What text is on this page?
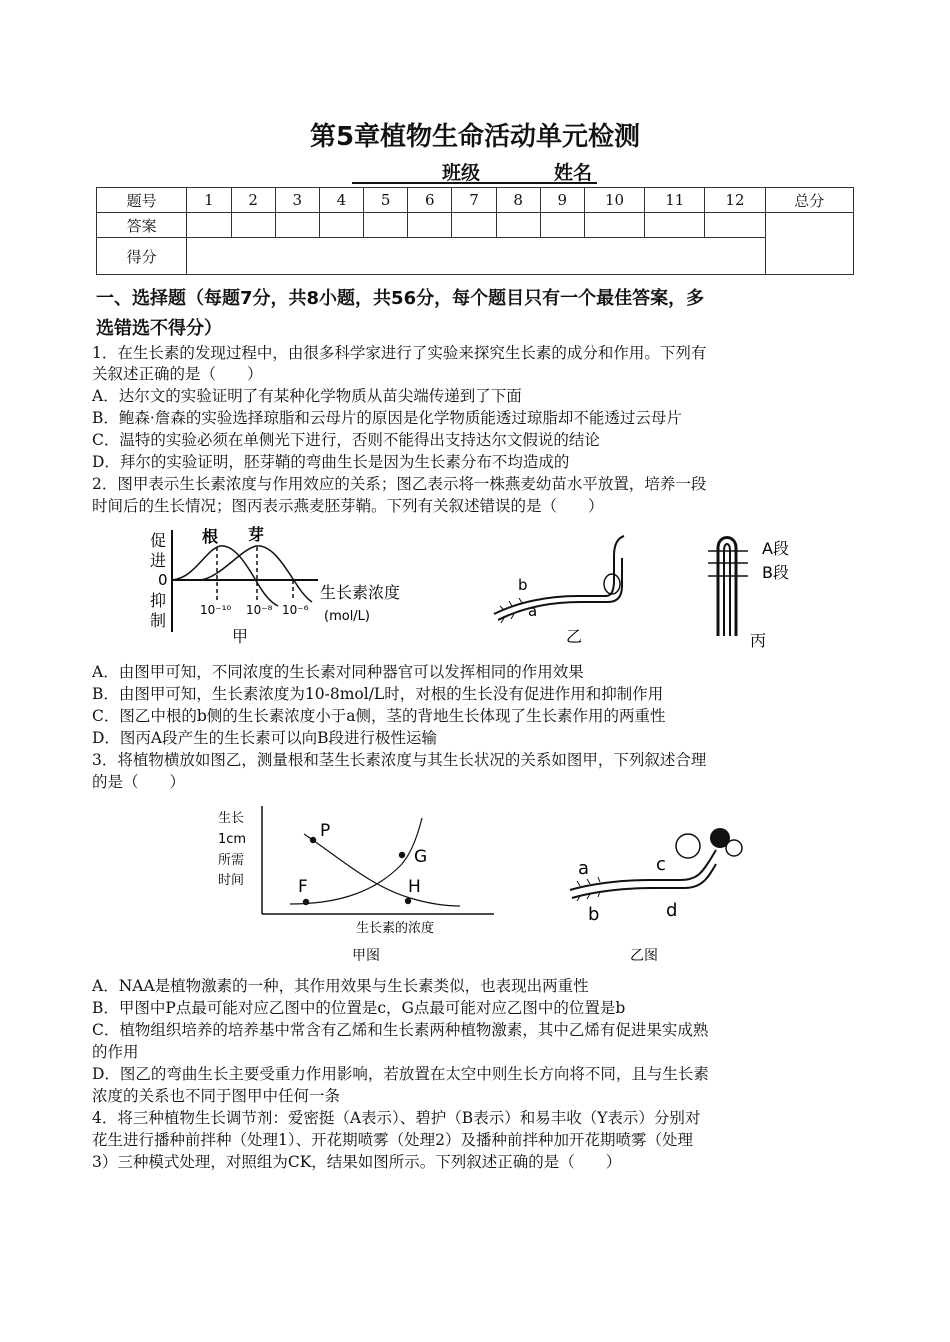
第5章植物生命活动单元检测
班级	姓名
题号	1	2	3	4	5	6	7	8	9	10	11	12	总分
答案													
得分													
一、选择题（每题7分，共8小题，共56分，每个题目只有一个最佳答案，多
选错选不得分）
1．在生长素的发现过程中，由很多科学家进行了实验来探究生长素的成分和作用。下列有
关叙述正确的是（　　）
A．达尔文的实验证明了有某种化学物质从苗尖端传递到了下面
B．鲍森·詹森的实验选择琼脂和云母片的原因是化学物质能透过琼脂却不能透过云母片
C．温特的实验必须在单侧光下进行，否则不能得出支持达尔文假说的结论
D．拜尔的实验证明，胚芽鞘的弯曲生长是因为生长素分布不均造成的
2．图甲表示生长素浓度与作用效应的关系；图乙表示将一株燕麦幼苗水平放置，培养一段
时间后的生长情况；图丙表示燕麦胚芽鞘。下列有关叙述错误的是（　　）
根 芽
促
进
0
抑
制
10⁻¹⁰ 10⁻⁸ 10⁻⁶
生长素浓度
(mol/L)
甲
b
a
乙
A段
B段
丙
A．由图甲可知，不同浓度的生长素对同种器官可以发挥相同的作用效果
B．由图甲可知，生长素浓度为10-8mol/L时，对根的生长没有促进作用和抑制作用
C．图乙中根的b侧的生长素浓度小于a侧，茎的背地生长体现了生长素作用的两重性
D．图丙A段产生的生长素可以向B段进行极性运输
3．将植物横放如图乙，测量根和茎生长素浓度与其生长状况的关系如图甲，下列叙述合理
的是（　　）
生长
1cm
所需
时间
P
G
F	H
生长素的浓度
甲图
a	c
b	d
乙图
A．NAA是植物激素的一种，其作用效果与生长素类似，也表现出两重性
B．甲图中P点最可能对应乙图中的位置是c，G点最可能对应乙图中的位置是b
C．植物组织培养的培养基中常含有乙烯和生长素两种植物激素，其中乙烯有促进果实成熟
的作用
D．图乙的弯曲生长主要受重力作用影响，若放置在太空中则生长方向将不同，且与生长素
浓度的关系也不同于图甲中任何一条
4．将三种植物生长调节剂：爱密挺（A表示）、碧护（B表示）和易丰收（Y表示）分别对
花生进行播种前拌种（处理1）、开花期喷雾（处理2）及播种前拌种加开花期喷雾（处理
3）三种模式处理，对照组为CK，结果如图所示。下列叙述正确的是（　　）
